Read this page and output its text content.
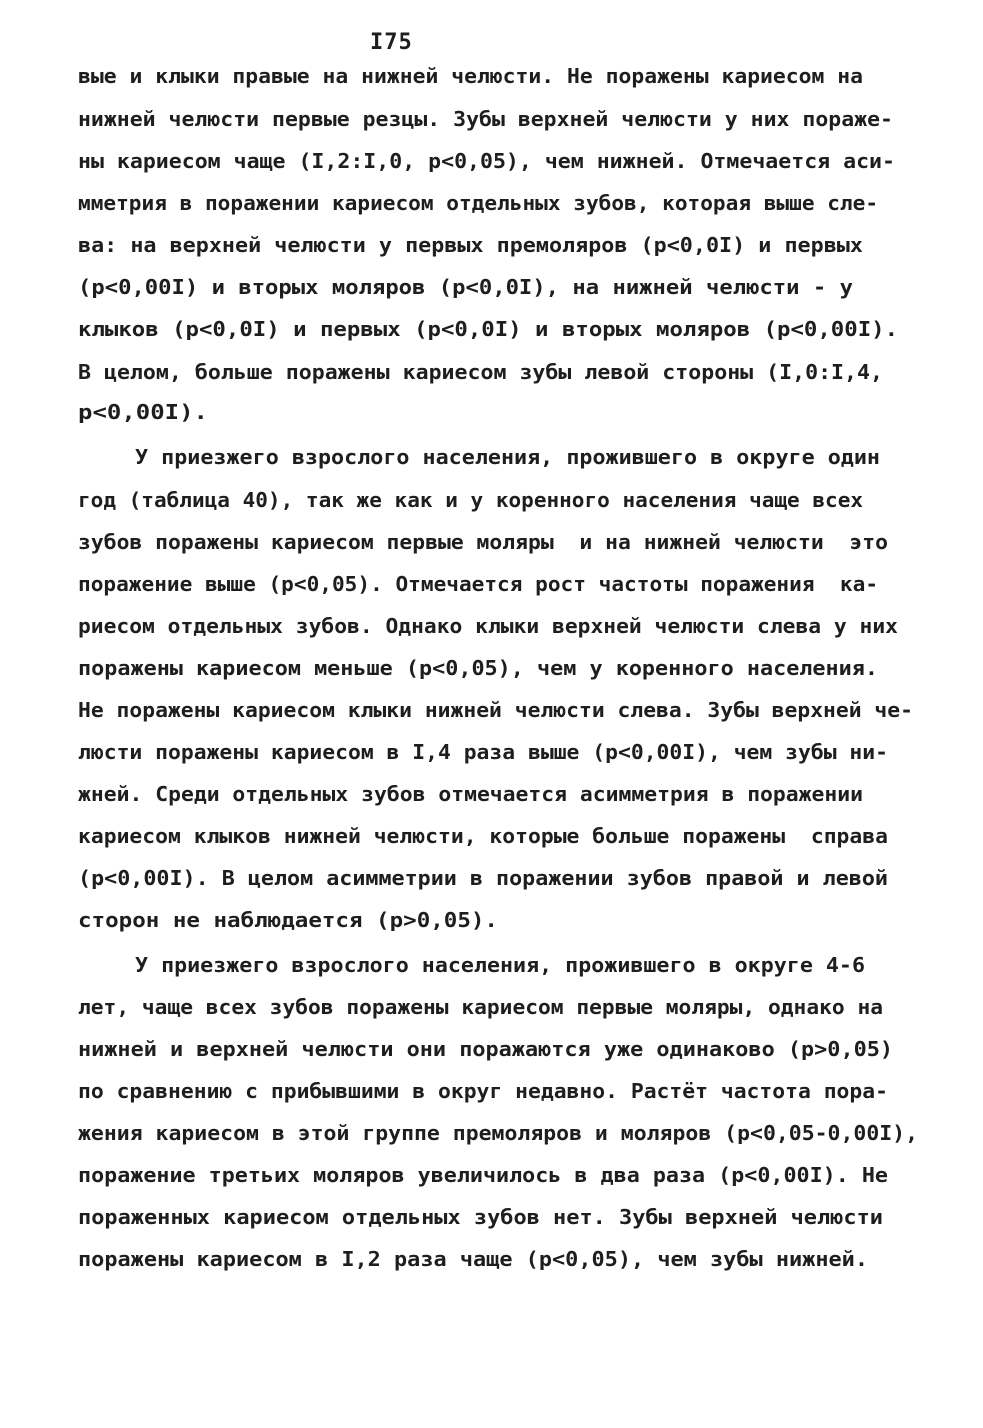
I75
вые и клыки правые на нижней челюсти. Не поражены кариесом на
нижней челюсти первые резцы. Зубы верхней челюсти у них пораже-
ны кариесом чаще (I,2:I,0, p<0,05), чем нижней. Отмечается аси-
мметрия в поражении кариесом отдельных зубов, которая выше сле-
ва: на верхней челюсти у первых премоляров (p<0,0I) и первых
(p<0,00I) и вторых моляров (p<0,0I), на нижней челюсти - у
клыков (p<0,0I) и первых (p<0,0I) и вторых моляров (p<0,00I).
В целом, больше поражены кариесом зубы левой стороны (I,0:I,4,
p<0,00I).
У приезжего взрослого населения, прожившего в округе один
год (таблица 40), так же как и у коренного населения чаще всех
зубов поражены кариесом первые моляры  и на нижней челюсти  это
поражение выше (p<0,05). Отмечается рост частоты поражения  ка-
риесом отдельных зубов. Однако клыки верхней челюсти слева у них
поражены кариесом меньше (p<0,05), чем у коренного населения.
Не поражены кариесом клыки нижней челюсти слева. Зубы верхней че-
люсти поражены кариесом в I,4 раза выше (p<0,00I), чем зубы ни-
жней. Среди отдельных зубов отмечается асимметрия в поражении
кариесом клыков нижней челюсти, которые больше поражены  справа
(p<0,00I). В целом асимметрии в поражении зубов правой и левой
сторон не наблюдается (p>0,05).
У приезжего взрослого населения, прожившего в округе 4-6
лет, чаще всех зубов поражены кариесом первые моляры, однако на
нижней и верхней челюсти они поражаются уже одинаково (p>0,05)
по сравнению с прибывшими в округ недавно. Растёт частота пора-
жения кариесом в этой группе премоляров и моляров (p<0,05-0,00I),
поражение третьих моляров увеличилось в два раза (p<0,00I). Не
пораженных кариесом отдельных зубов нет. Зубы верхней челюсти
поражены кариесом в I,2 раза чаще (p<0,05), чем зубы нижней.
